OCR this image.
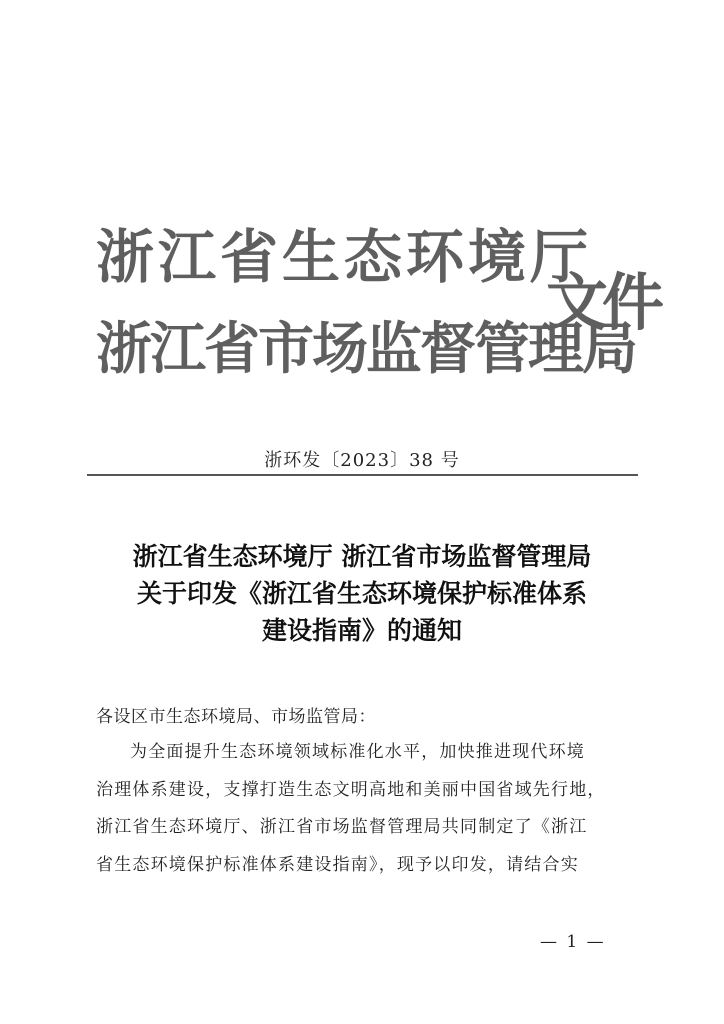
浙江省生态环境厅
浙江省市场监督管理局
文件
浙环发〔2023〕38 号
浙江省生态环境厅 浙江省市场监督管理局
关于印发《浙江省生态环境保护标准体系
建设指南》的通知
各设区市生态环境局、市场监管局：
为全面提升生态环境领域标准化水平，加快推进现代环境
治理体系建设，支撑打造生态文明高地和美丽中国省域先行地，
浙江省生态环境厅、浙江省市场监督管理局共同制定了《浙江
省生态环境保护标准体系建设指南》，现予以印发，请结合实
— 1 —
